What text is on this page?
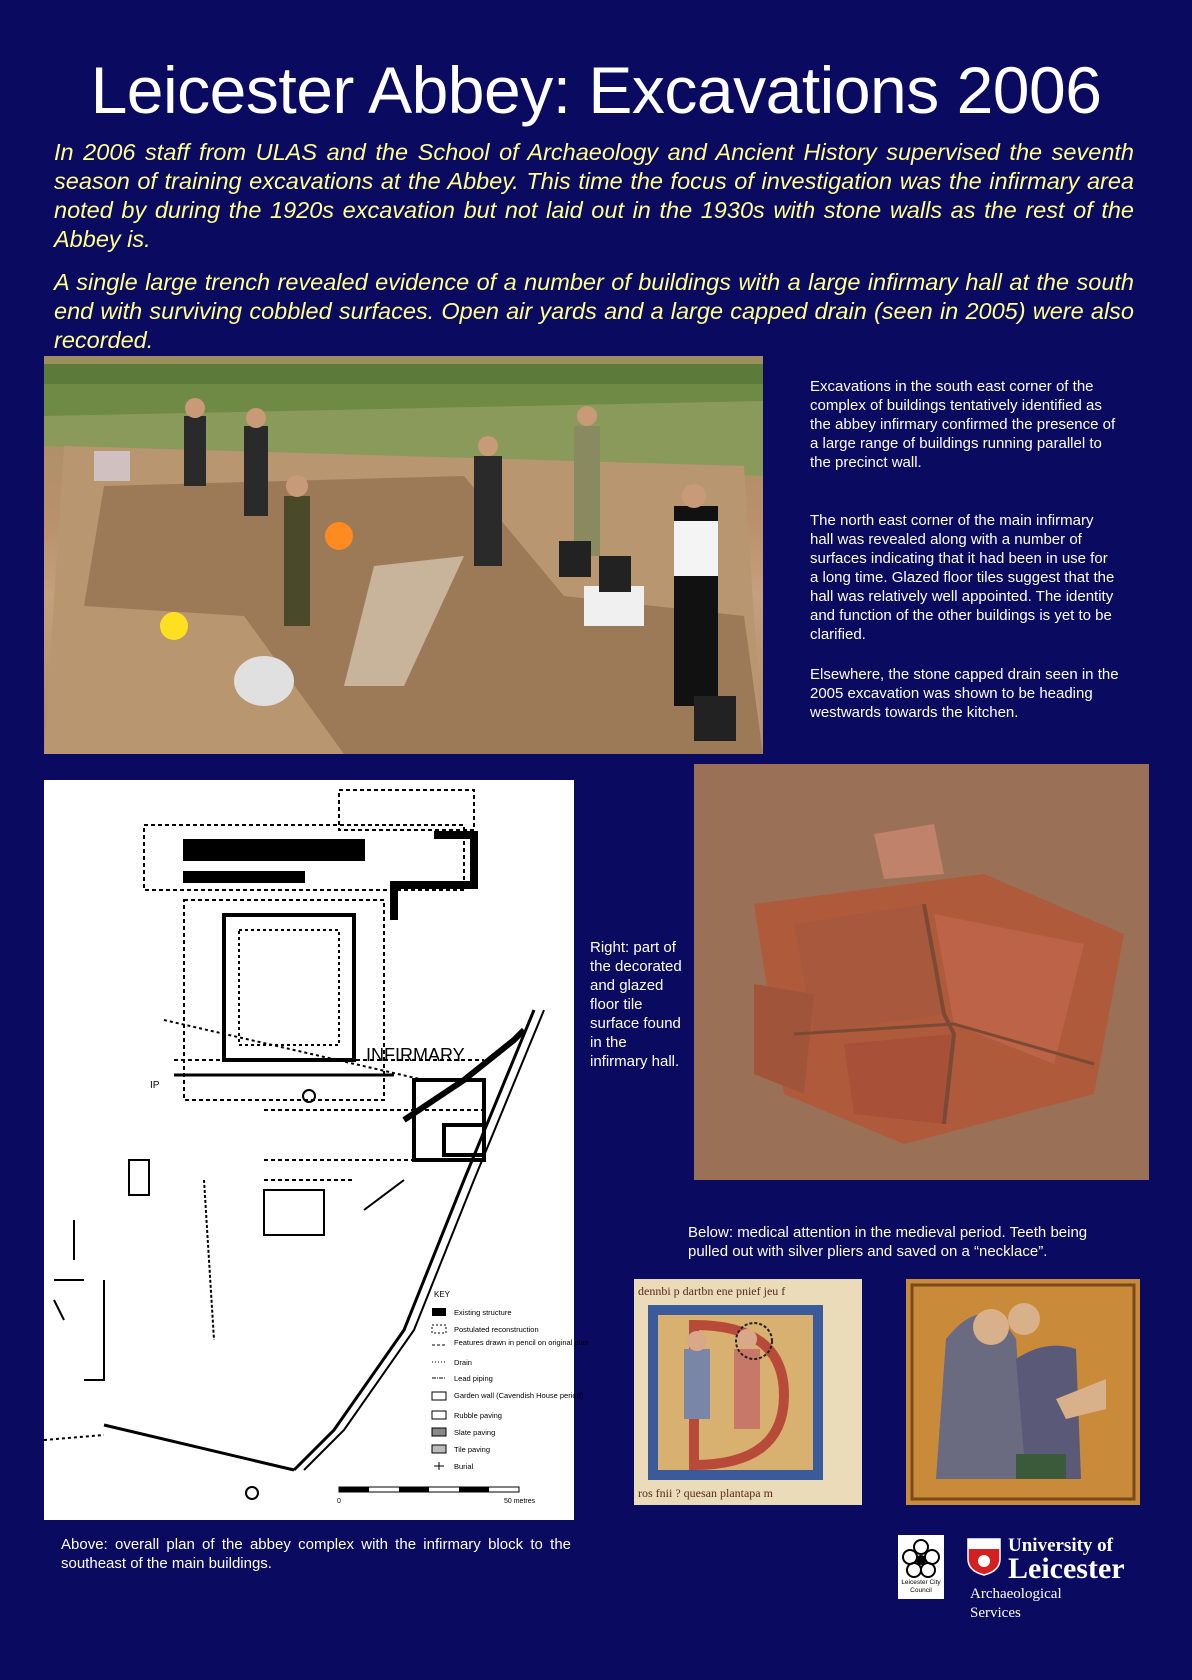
Leicester Abbey: Excavations 2006
In 2006 staff from ULAS and the School of Archaeology and Ancient History supervised the seventh season of training excavations at the Abbey. This time the focus of investigation was the infirmary area noted by during the 1920s excavation but not laid out in the 1930s with stone walls as the rest of the Abbey is.
A single large trench revealed evidence of a number of buildings with a large infirmary hall at the south end with surviving cobbled surfaces. Open air yards and a large capped drain (seen in 2005) were also recorded.
Excavations in the south east corner of the complex of buildings tentatively identified as the abbey infirmary confirmed the presence of a large range of buildings running parallel to the precinct wall.
The north east corner of the main infirmary hall was revealed along with a number of surfaces indicating that it had been in use for a long time. Glazed floor tiles suggest that the hall was relatively well appointed. The identity and function of the other buildings is yet to be clarified.
Elsewhere, the stone capped drain seen in the 2005 excavation was shown to be heading westwards towards the kitchen.
Right: part of the decorated and glazed floor tile surface found in the infirmary hall.
INFIRMARY
IP
KEY
Existing structure
Postulated reconstruction
Features drawn in pencil on original plan
Drain
Lead piping
Garden wall (Cavendish House period)
Rubble paving
Slate paving
Tile paving
Burial
0	50 metres
Above: overall plan of the abbey complex with the infirmary block to the southeast of the main buildings.
Below: medical attention in the medieval period. Teeth being pulled out with silver pliers and saved on a “necklace”.
dennbi p dartbn ene pnief jeu f
ros fnii ? quesan plantapa m
Leicester City Council
University of
Leicester
Archaeological Services
